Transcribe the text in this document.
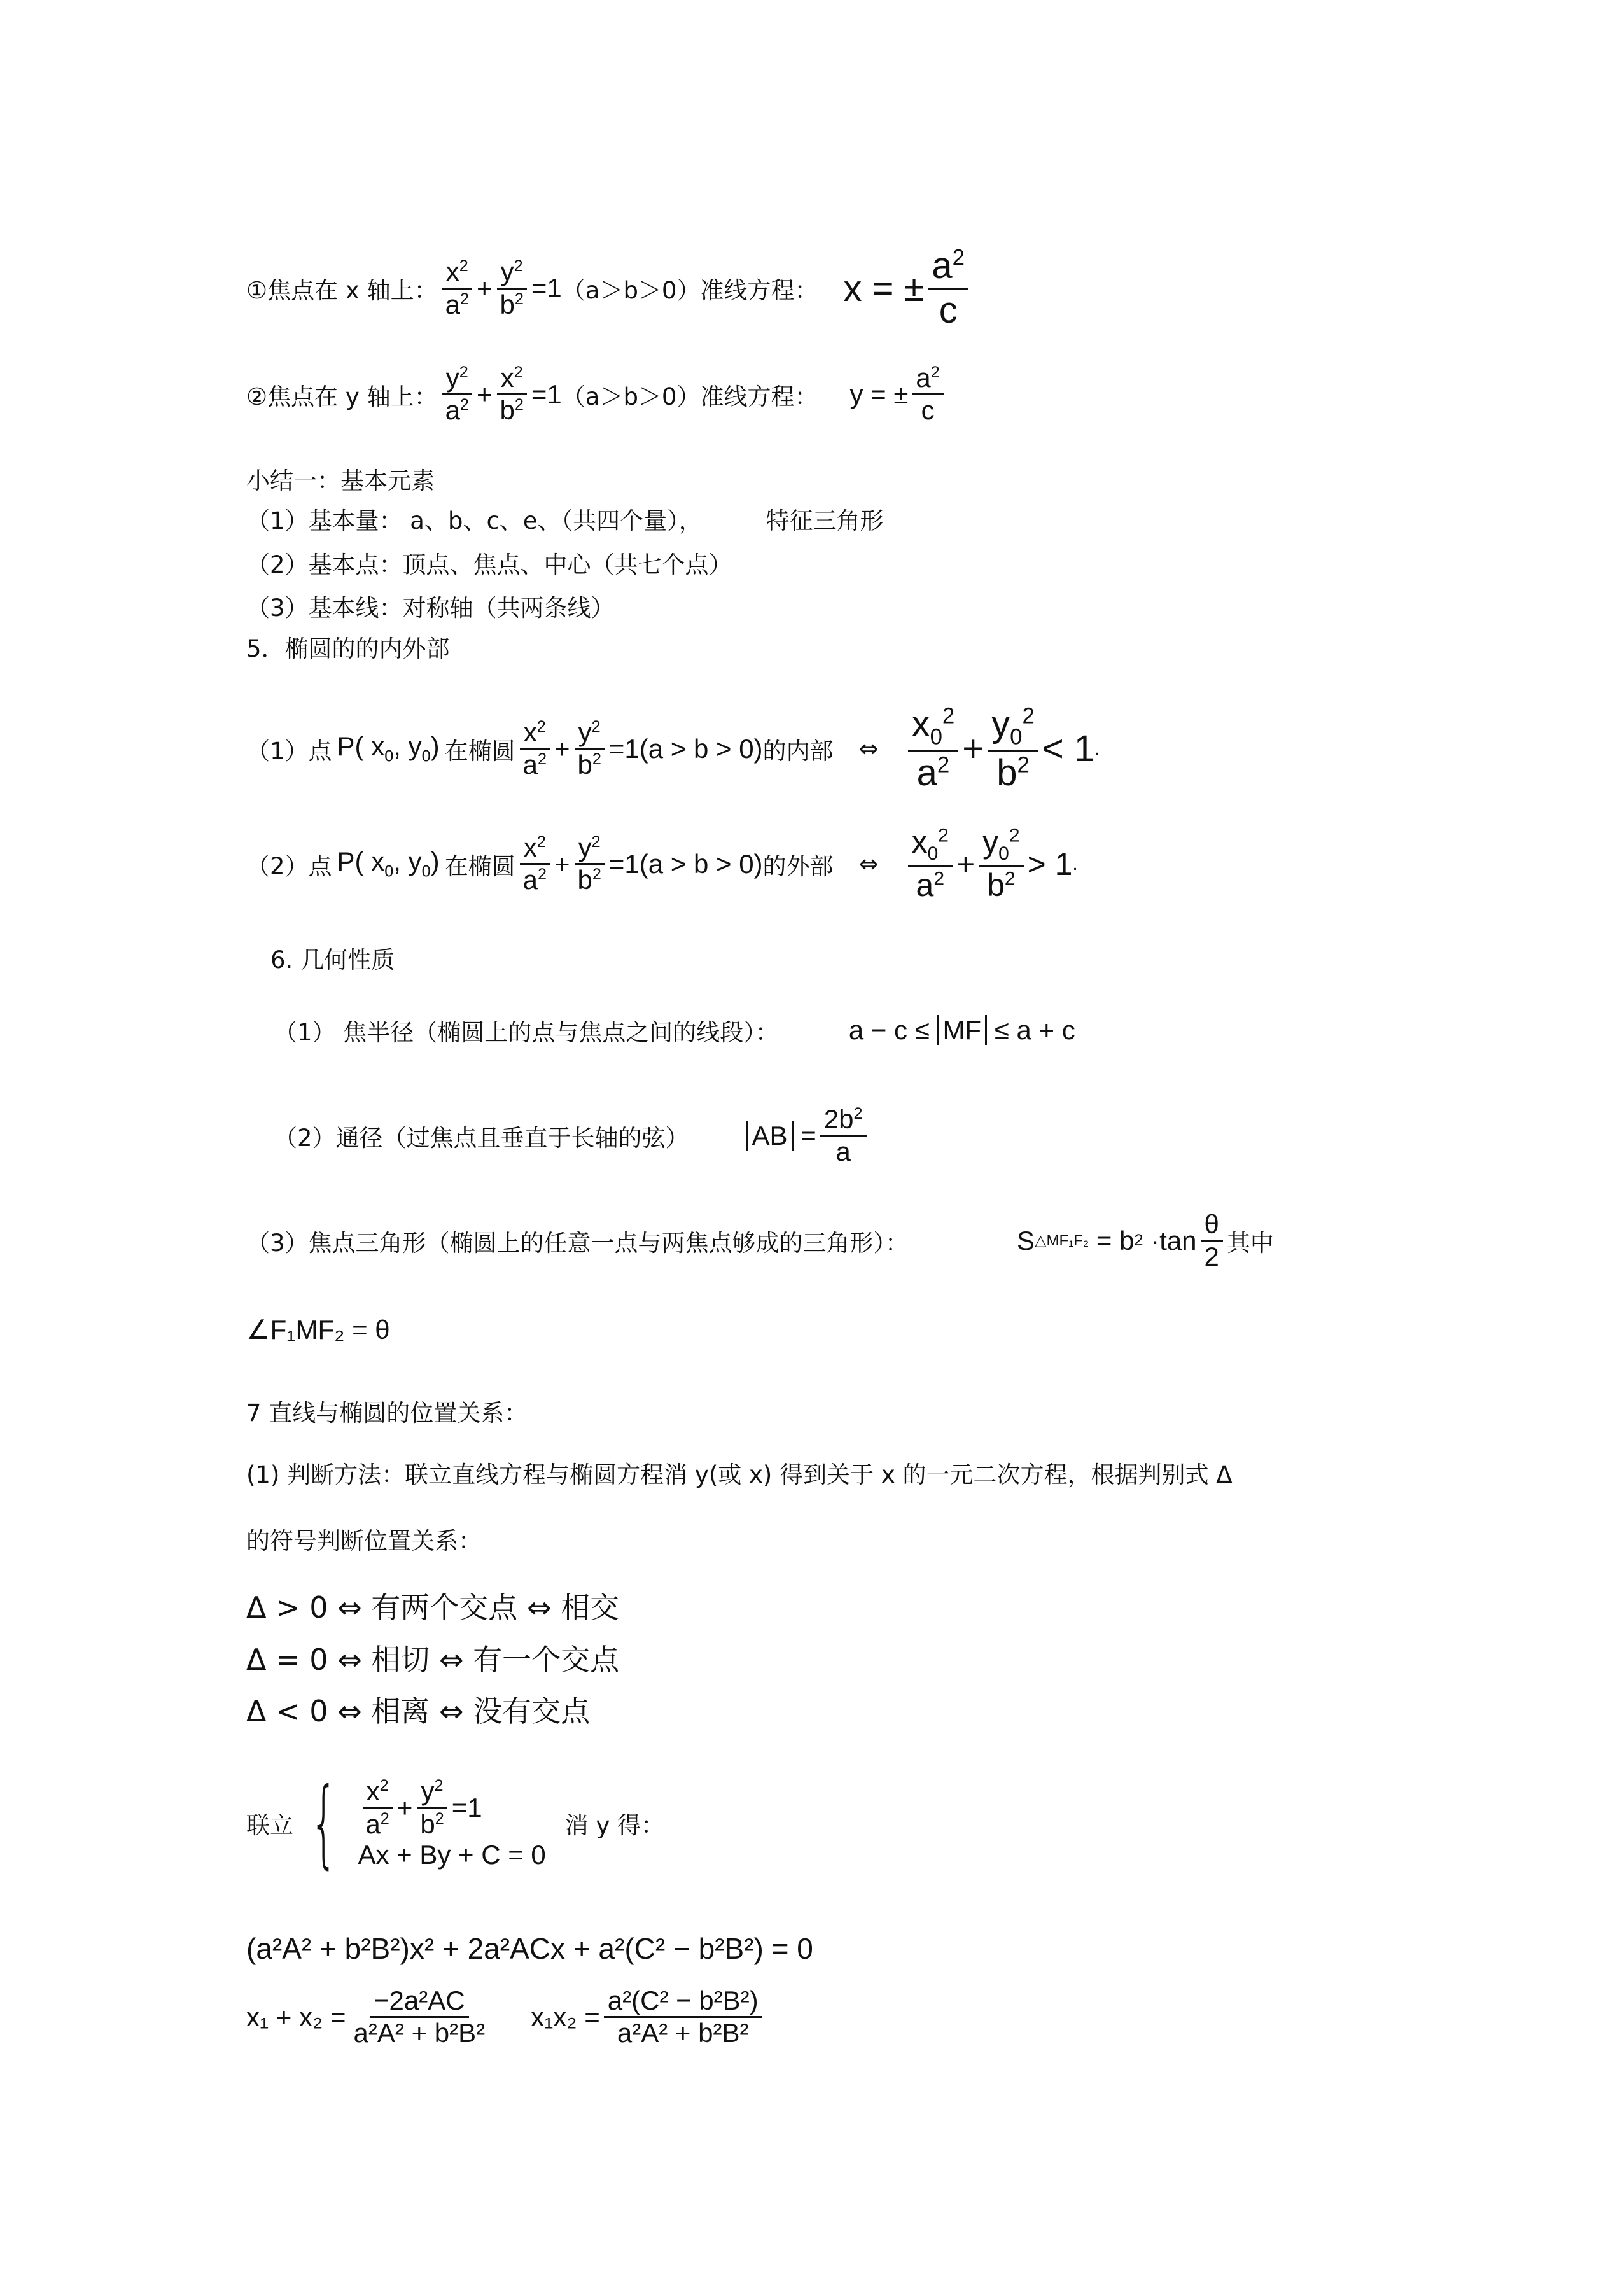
①焦点在 x 轴上： $\frac{x^2}{a^2} + \frac{y^2}{b^2} =1$ （a＞b＞0）准线方程： x = ± $\frac{a^2}{c}$
②焦点在 y 轴上： $\frac{y^2}{a^2} + \frac{x^2}{b^2} =1$ （a＞b＞0）准线方程： y = ± $\frac{a^2}{c}$
小结一：基本元素
（1）基本量： a、b、c、e、（共四个量），	特征三角形
（2）基本点：顶点、焦点、中心（共七个点）
（3）基本线：对称轴（共两条线）
5．椭圆的的内外部
（1）点 P( $x_0$, $y_0$) 在椭圆 $\frac{x^2}{a^2} + \frac{y^2}{b^2} =1(a > b > 0)$ 的内部 ⇔ $\frac{x_0^2}{a^2} + \frac{y_0^2}{b^2} < 1$ .
（2）点 P( $x_0$, $y_0$) 在椭圆 $\frac{x^2}{a^2} + \frac{y^2}{b^2} =1(a > b > 0)$ 的外部 ⇔ $\frac{x_0^2}{a^2} + \frac{y_0^2}{b^2} > 1$ .
6. 几何性质
（1） 焦半径（椭圆上的点与焦点之间的线段）：	a − c ≤ MF ≤ a + c
（2）通径（过焦点且垂直于长轴的弦） AB
= $\frac{2b^2}{a}$
（3）焦点三角形（椭圆上的任意一点与两焦点够成的三角形）：	S △MF₁F₂
= b 2
$\cdot\tan \frac{\theta}{2}$ 其中
∠F₁MF₂ = θ
7 直线与椭圆的位置关系：
(1) 判断方法：联立直线方程与椭圆方程消 y(或 x) 得到关于 x 的一元二次方程，根据判别式 Δ
的符号判断位置关系：
Δ > 0 ⇔ 有两个交点 ⇔ 相交
Δ = 0 ⇔ 相切 ⇔ 有一个交点
Δ < 0 ⇔ 相离 ⇔ 没有交点
联立 { $\frac{x^2}{a^2} + \frac{y^2}{b^2} =1$
Ax + By + C = 0
消 y 得：
(a²A² + b²B²)x² + 2a²ACx + a²(C² − b²B²) = 0
$x_1 + x_2 = \frac{\text{−2a²AC}}{\text{a²A² + b²B²}} x_1x_2 = \frac{\text{a²(C² − b²B²)}}{\text{a²A² + b²B²}}$
